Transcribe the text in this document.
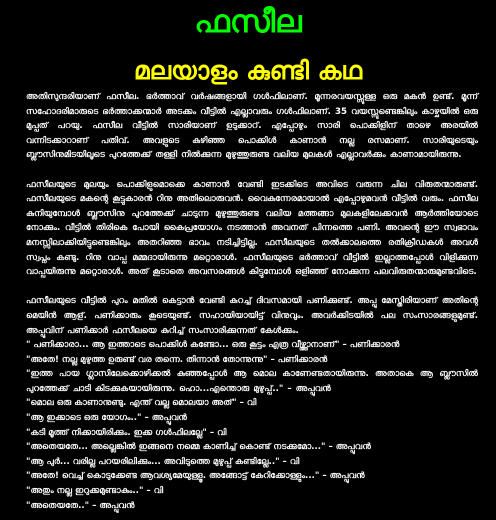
ഫസീല
മലയാളം കുണ്ടി കഥ

അതിസുന്ദരിയാണ് ഫസീല. ഭർത്താവ് വർഷങ്ങളായി ഗൾഫിലാണ്. മൂന്നരവയസ്സുള്ള ഒരു മകൻ ഉണ്ട്. മൂന്ന് സഹോദരിമാരുടെ ഭർത്താക്കന്മാർ അടക്കം വീട്ടിൽ എല്ലാവരും ഗൾഫിലാണ്. 35 വയസ്സുണ്ടെങ്കിലും കാഴ്ചയിൽ ഒരു മുപ്പത് പറയു. ഫസീല വീട്ടിൽ സാരിയാണ് ഉടുക്കാറ്. എപ്പോഴും സാരി പൊക്കിളിന് താഴെ അരയിൽ വന്നിടക്കാറാണ് പതിവ്. അവളുടെ കുഴിഞ്ഞ പൊക്കിൾ കാണാൻ നല്ല രസമാണ്. സാരിയുടെയും ബ്ലൗസിനുമിടയിലൂടെ പുറത്തേക്ക് തള്ളി നിൽക്കുന്ന മുഴുത്തുരുണ്ട വലിയ മുലകൾ എല്ലാവർക്കും കാണാമായിരുന്നു.

ഫസീലയുടെ മുലയും പൊക്കിളുമൊക്കെ കാണാൻ വേണ്ടി ഇടക്കിടെ അവിടെ വരുന്ന ചില വിരുതന്മാരുണ്ട്. ഫസീലയുടെ മകന്റെ കൂട്ടുകാരൻ റിനു അതിലൊരുവൻ. വൈകുന്നേരമായാൽ എപ്പോഴുമവൻ വീട്ടിൽ വരും. ഫസീല കുനിയുമ്പോൾ ബ്ലൗസിനു പുറത്തേക്ക് ചാടുന്ന മുഴുത്തുരുണ്ട വലിയ മത്തങ്ങാ മുലകളിലേക്കവൻ ആർത്തിയോടെ നോക്കും. വീട്ടിൽ തിരികെ പോയി കൈപ്രയോഗം നടത്താൻ അവനത് പിന്നത്തെ പണി. അവന്റെ ഈ സ്വഭാവം മനസ്സിലാക്കിയിട്ടുണ്ടെങ്കിലും അതറിഞ്ഞ ഭാവം നടിച്ചിട്ടില്ല. ഫസീലയുടെ തൽക്കാലത്തെ രതിക്രീഡകൾ അവൾ സ്വപ്നം കണ്ടു. റിനു വാപ്പ മമ്മദായിരുന്നു മറ്റൊരാൾ. ഫസീലയുടെ ഭർത്താവ് വീട്ടിൽ ഇല്ലാത്തപ്പോൾ വിളിക്കുന്ന വാപ്പയിരുന്നു മറ്റൊരാൾ. അത് കൂടാതെ അവസരങ്ങൾ കിട്ടുമ്പോൾ ഒളിഞ്ഞ് നോക്കുന്ന പലവിരുതന്മാരുമുണ്ടവിടെ.

ഫസീലയുടെ വീട്ടിൽ പുറം മതിൽ കെട്ടാൻ വേണ്ടി കുറച്ച് ദിവസമായി പണിക്കുണ്ട്. അപ്പു മേസ്തിരിയാണ് അതിന്റെ മെയിൻ ആള്. പണിക്കാരും കൂടെയുണ്ട്. സഹായിയായിട്ട് വിനുവും. അവർക്കിടയിൽ പല സംസാരങ്ങളുമുണ്ട്. അപ്പുവിന് പണിക്കാർ ഫസീലയെ കുറിച്ച് സംസാരിക്കുന്നത് കേൾക്കും.

" പണിക്കാരാ... ആ ഇത്താടെ പൊക്കിൾ കണ്ടോ... ഒരു കൂട്ടം എത്ര വീഴ്ത്താനാണ്" – പണിക്കാരൻ

"അതേ! നല്ല മുഴുത്ത ഉരുണ്ട് വര തന്നെ. തിന്നാൻ തോന്നുന്നു" – പണിക്കാരൻ

"ഇത്ത പായ ഗ്ലാസിലേക്കൊഴിക്കൽ കുഞ്ഞപ്പോൾ ആ മൊല കാണേണ്ടതായിരുന്നു. അതാകെ ആ ബ്ലൗസിൽ പുറത്തേക്ക് ചാടി കിടക്കുകയായിരുന്നു. ഹൊ...എന്തൊരു മുഴുപ്പ്.." – അപ്പുവൻ

"മൊല ഒരു കാണാനുണ്ടു. എന്ത് വല്ല മൊലയാ അത്" – വി

"ആ ഇക്കാടെ ഒരു യോഗം.." – അപ്പുവൻ

"കടി മൂത്ത് നിക്കായിരിക്കും. ഇക്ക ഗൾഫിലല്ലേ" – വി

"അതെയതേ... അല്ലെങ്കിൽ ഇങ്ങനെ നമ്മെ കാണിച്ച് കൊണ്ട് നടക്കുമോ..." – അപ്പുവൻ

"ആ പുർ... വരില്ല പറയരിലിക്കും... അവിടുത്തെ മുഴുപ്പ് കണ്ടില്ലേ.." – വി

"അതേ! വെച്ച് കൊടുക്കേണ്ട ആവശ്യമേയുള്ളൂ. അങ്ങോട്ട് കേറിക്കോള്ളും..." – അപ്പുവൻ

"അതും നല്ല ഇറുക്കമുണ്ടാകും.." – വി

"അതെയതേ.." – അപ്പുവൻ
